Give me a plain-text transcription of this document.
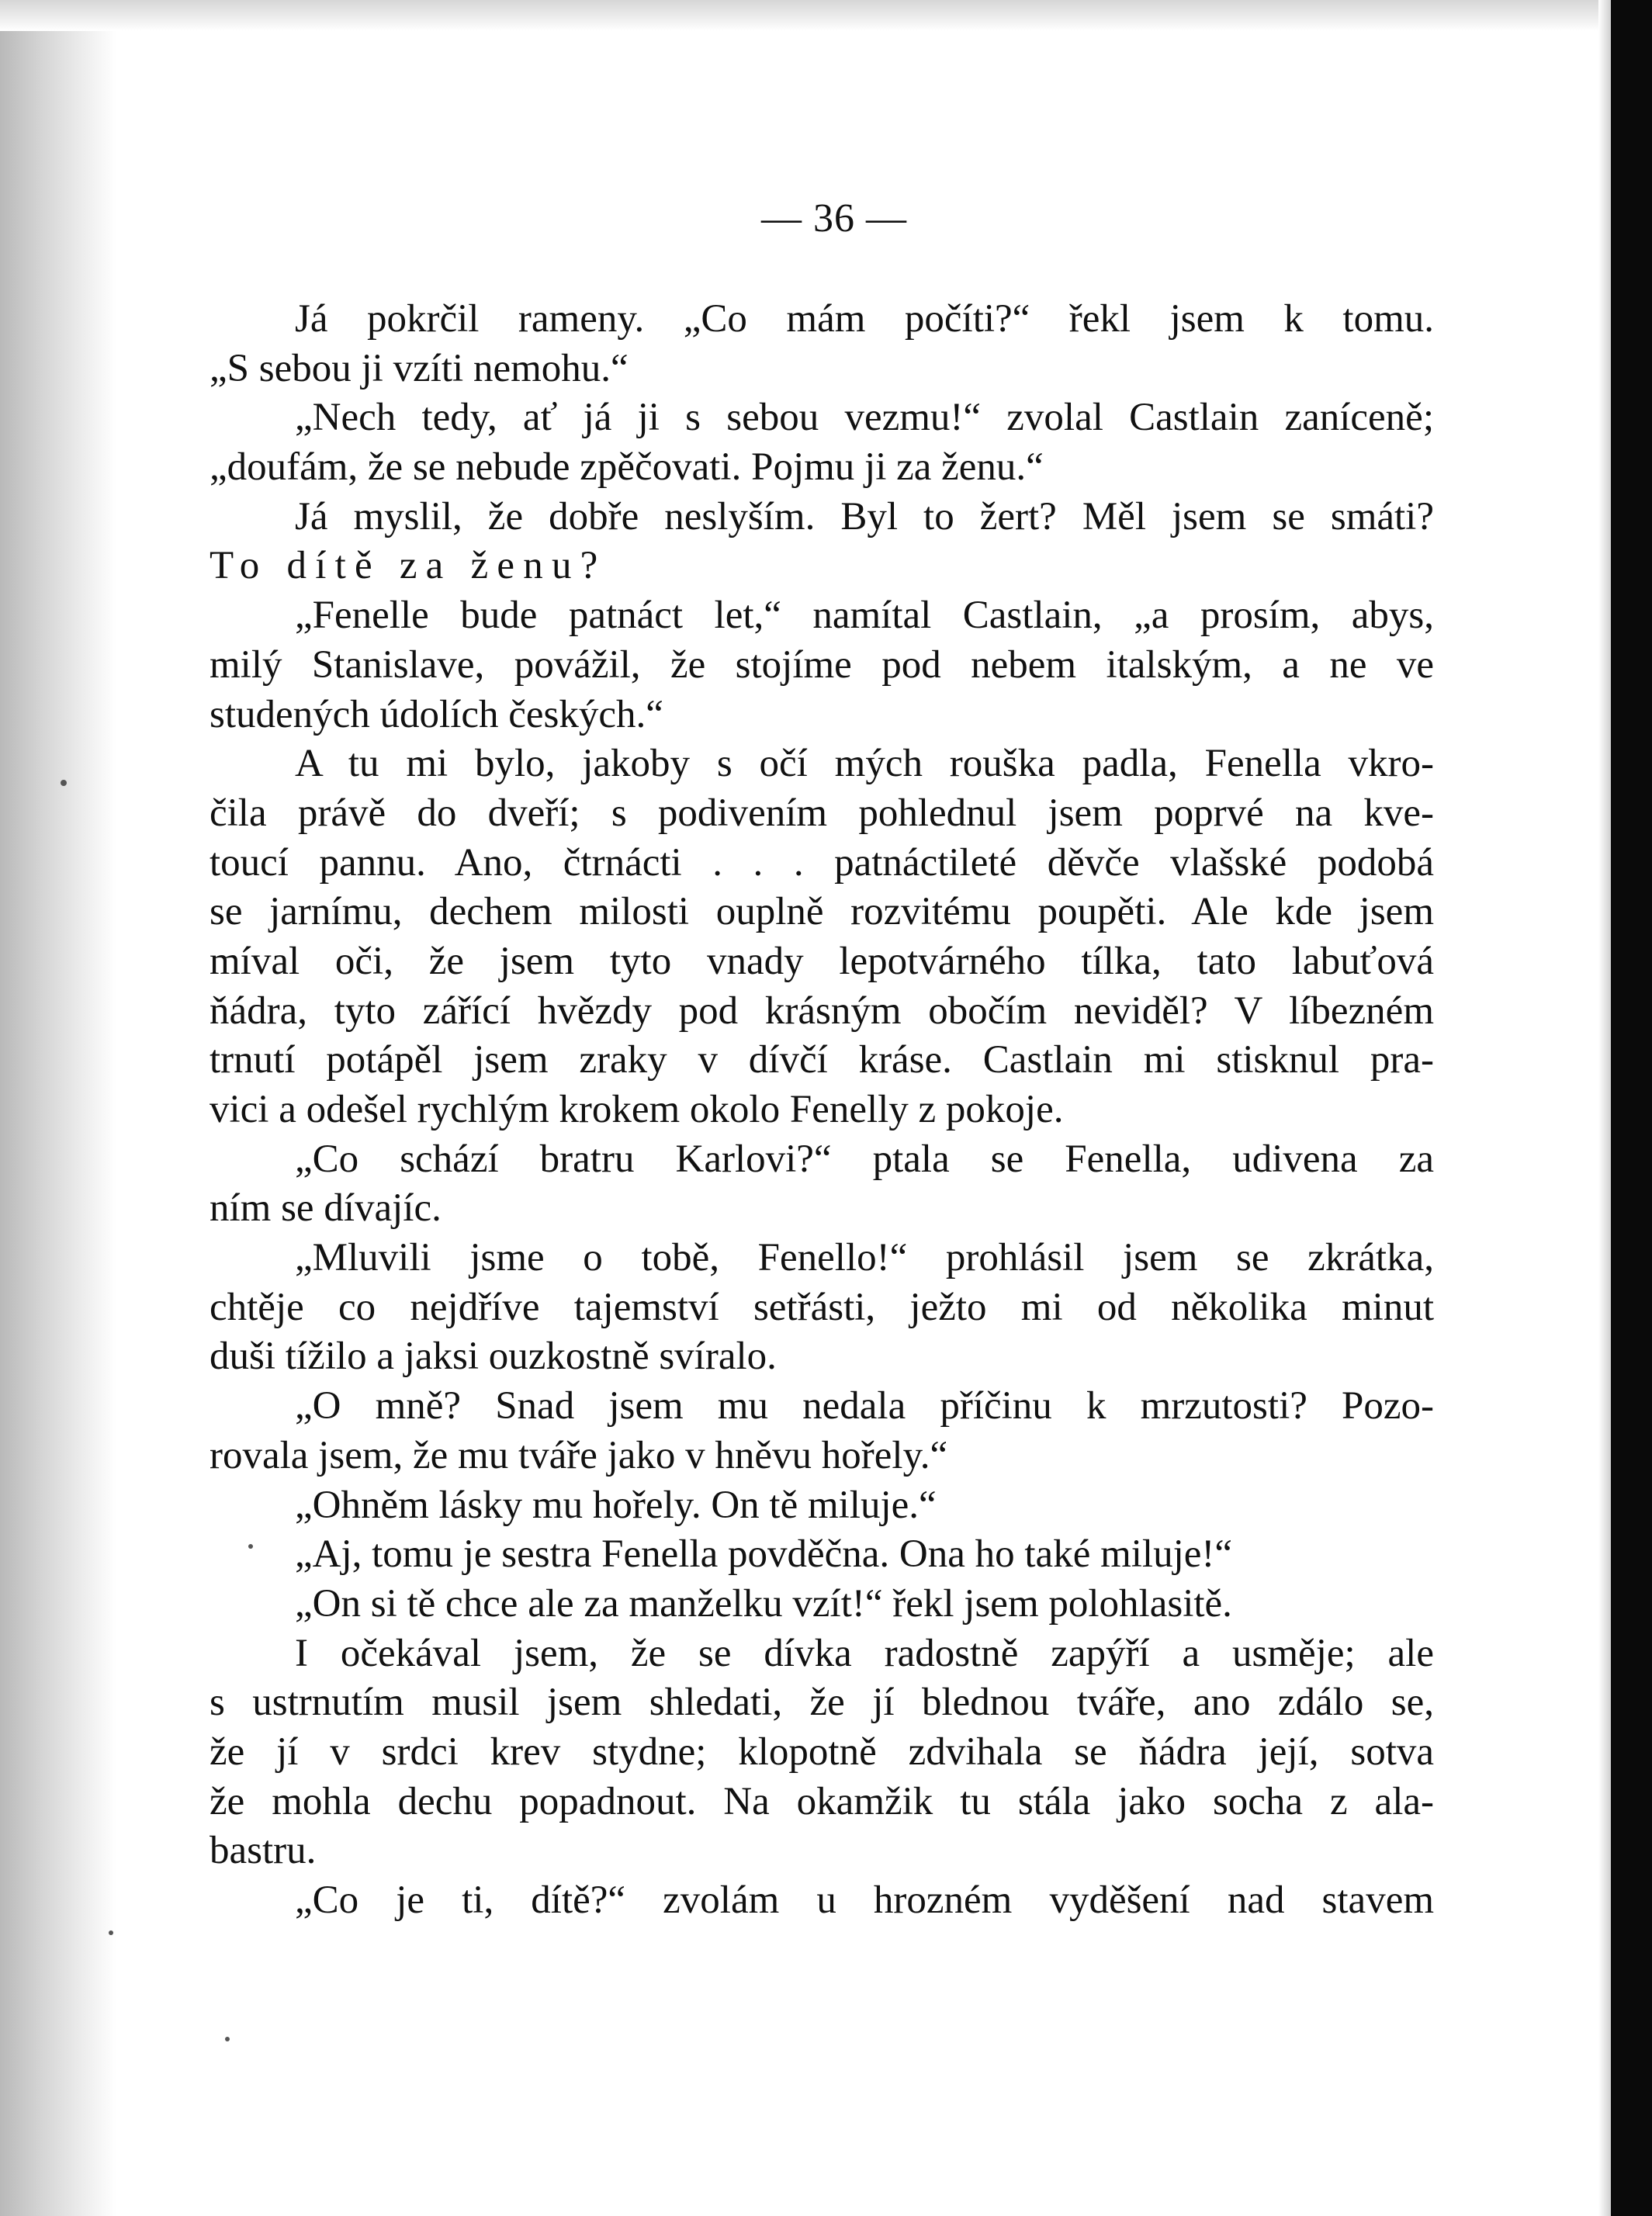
— 36 —
Já pokrčil rameny. „Co mám počíti?“ řekl jsem k tomu.
„S sebou ji vzíti nemohu.“
„Nech tedy, ať já ji s sebou vezmu!“ zvolal Castlain zaníceně;
„doufám, že se nebude zpěčovati. Pojmu ji za ženu.“
Já myslil, že dobře neslyším. Byl to žert? Měl jsem se smáti?
To dítě za ženu?
„Fenelle bude patnáct let,“ namítal Castlain, „a prosím, abys,
milý Stanislave, povážil, že stojíme pod nebem italským, a ne ve
studených údolích českých.“
A tu mi bylo, jakoby s očí mých rouška padla, Fenella vkro-
čila právě do dveří; s podivením pohlednul jsem poprvé na kve-
toucí pannu. Ano, čtrnácti . . . patnáctileté děvče vlašské podobá
se jarnímu, dechem milosti ouplně rozvitému poupěti. Ale kde jsem
míval oči, že jsem tyto vnady lepotvárného tílka, tato labuťová
ňádra, tyto zářící hvězdy pod krásným obočím neviděl? V líbezném
trnutí potápěl jsem zraky v dívčí kráse. Castlain mi stisknul pra-
vici a odešel rychlým krokem okolo Fenelly z pokoje.
„Co schází bratru Karlovi?“ ptala se Fenella, udivena za
ním se dívajíc.
„Mluvili jsme o tobě, Fenello!“ prohlásil jsem se zkrátka,
chtěje co nejdříve tajemství setřásti, ježto mi od několika minut
duši tížilo a jaksi ouzkostně svíralo.
„O mně? Snad jsem mu nedala příčinu k mrzutosti? Pozo-
rovala jsem, že mu tváře jako v hněvu hořely.“
„Ohněm lásky mu hořely. On tě miluje.“
„Aj, tomu je sestra Fenella povděčna. Ona ho také miluje!“
„On si tě chce ale za manželku vzít!“ řekl jsem polohlasitě.
I očekával jsem, že se dívka radostně zapýří a usměje; ale
s ustrnutím musil jsem shledati, že jí blednou tváře, ano zdálo se,
že jí v srdci krev stydne; klopotně zdvihala se ňádra její, sotva
že mohla dechu popadnout. Na okamžik tu stála jako socha z ala-
bastru.
„Co je ti, dítě?“ zvolám u hrozném vyděšení nad stavem
